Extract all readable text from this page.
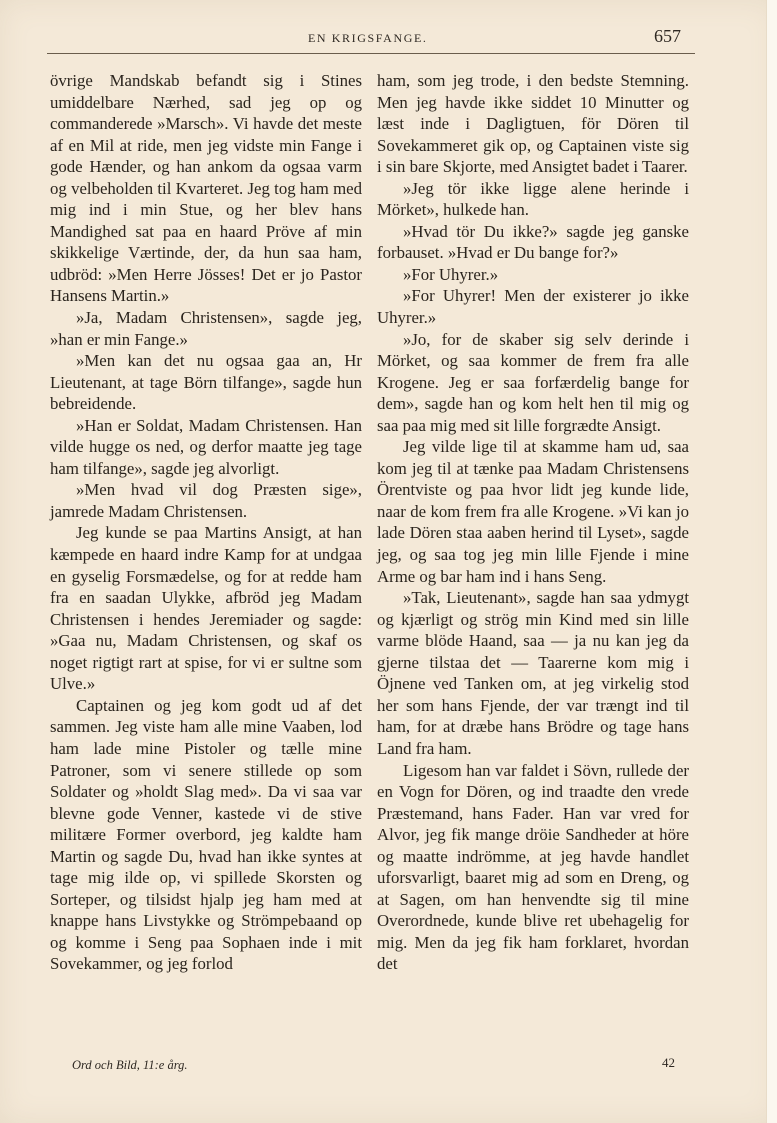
EN KRIGSFANGE.	657

övrige Mandskab befandt sig i Stines umiddelbare Nærhed, sad jeg op og commanderede »Marsch». Vi havde det meste af en Mil at ride, men jeg vidste min Fange i gode Hænder, og han ankom da ogsaa varm og velbeholden til Kvarteret. Jeg tog ham med mig ind i min Stue, og her blev hans Mandighed sat paa en haard Pröve af min skikkelige Værtinde, der, da hun saa ham, udbröd: »Men Herre Jösses! Det er jo Pastor Hansens Martin.»

»Ja, Madam Christensen», sagde jeg, »han er min Fange.»

»Men kan det nu ogsaa gaa an, Hr Lieutenant, at tage Börn tilfange», sagde hun bebreidende.

»Han er Soldat, Madam Christensen. Han vilde hugge os ned, og derfor maatte jeg tage ham tilfange», sagde jeg alvorligt.

»Men hvad vil dog Præsten sige», jamrede Madam Christensen.

Jeg kunde se paa Martins Ansigt, at han kæmpede en haard indre Kamp for at undgaa en gyselig Forsmædelse, og for at redde ham fra en saadan Ulykke, afbröd jeg Madam Christensen i hendes Jeremiader og sagde: »Gaa nu, Madam Christensen, og skaf os noget rigtigt rart at spise, for vi er sultne som Ulve.»

Captainen og jeg kom godt ud af det sammen. Jeg viste ham alle mine Vaaben, lod ham lade mine Pistoler og tælle mine Patroner, som vi senere stillede op som Soldater og »holdt Slag med». Da vi saa var blevne gode Venner, kastede vi de stive militære Former overbord, jeg kaldte ham Martin og sagde Du, hvad han ikke syntes at tage mig ilde op, vi spillede Skorsten og Sorteper, og tilsidst hjalp jeg ham med at knappe hans Livstykke og Strömpebaand op og komme i Seng paa Sophaen inde i mit Sovekammer, og jeg forlod

ham, som jeg trode, i den bedste Stemning. Men jeg havde ikke siddet 10 Minutter og læst inde i Dagligtuen, för Dören til Sovekammeret gik op, og Captainen viste sig i sin bare Skjorte, med Ansigtet badet i Taarer.

»Jeg tör ikke ligge alene herinde i Mörket», hulkede han.

»Hvad tör Du ikke?» sagde jeg ganske forbauset. »Hvad er Du bange for?»

»For Uhyrer.»

»For Uhyrer! Men der existerer jo ikke Uhyrer.»

»Jo, for de skaber sig selv derinde i Mörket, og saa kommer de frem fra alle Krogene. Jeg er saa forfærdelig bange for dem», sagde han og kom helt hen til mig og saa paa mig med sit lille forgrædte Ansigt.

Jeg vilde lige til at skamme ham ud, saa kom jeg til at tænke paa Madam Christensens Örentviste og paa hvor lidt jeg kunde lide, naar de kom frem fra alle Krogene. »Vi kan jo lade Dören staa aaben herind til Lyset», sagde jeg, og saa tog jeg min lille Fjende i mine Arme og bar ham ind i hans Seng.

»Tak, Lieutenant», sagde han saa ydmygt og kjærligt og strög min Kind med sin lille varme blöde Haand, saa — ja nu kan jeg da gjerne tilstaa det — Taarerne kom mig i Öjnene ved Tanken om, at jeg virkelig stod her som hans Fjende, der var trængt ind til ham, for at dræbe hans Brödre og tage hans Land fra ham.

Ligesom han var faldet i Sövn, rullede der en Vogn for Dören, og ind traadte den vrede Præstemand, hans Fader. Han var vred for Alvor, jeg fik mange dröie Sandheder at höre og maatte indrömme, at jeg havde handlet uforsvarligt, baaret mig ad som en Dreng, og at Sagen, om han henvendte sig til mine Overordnede, kunde blive ret ubehagelig for mig. Men da jeg fik ham forklaret, hvordan det

Ord och Bild, 11:e årg.	42
